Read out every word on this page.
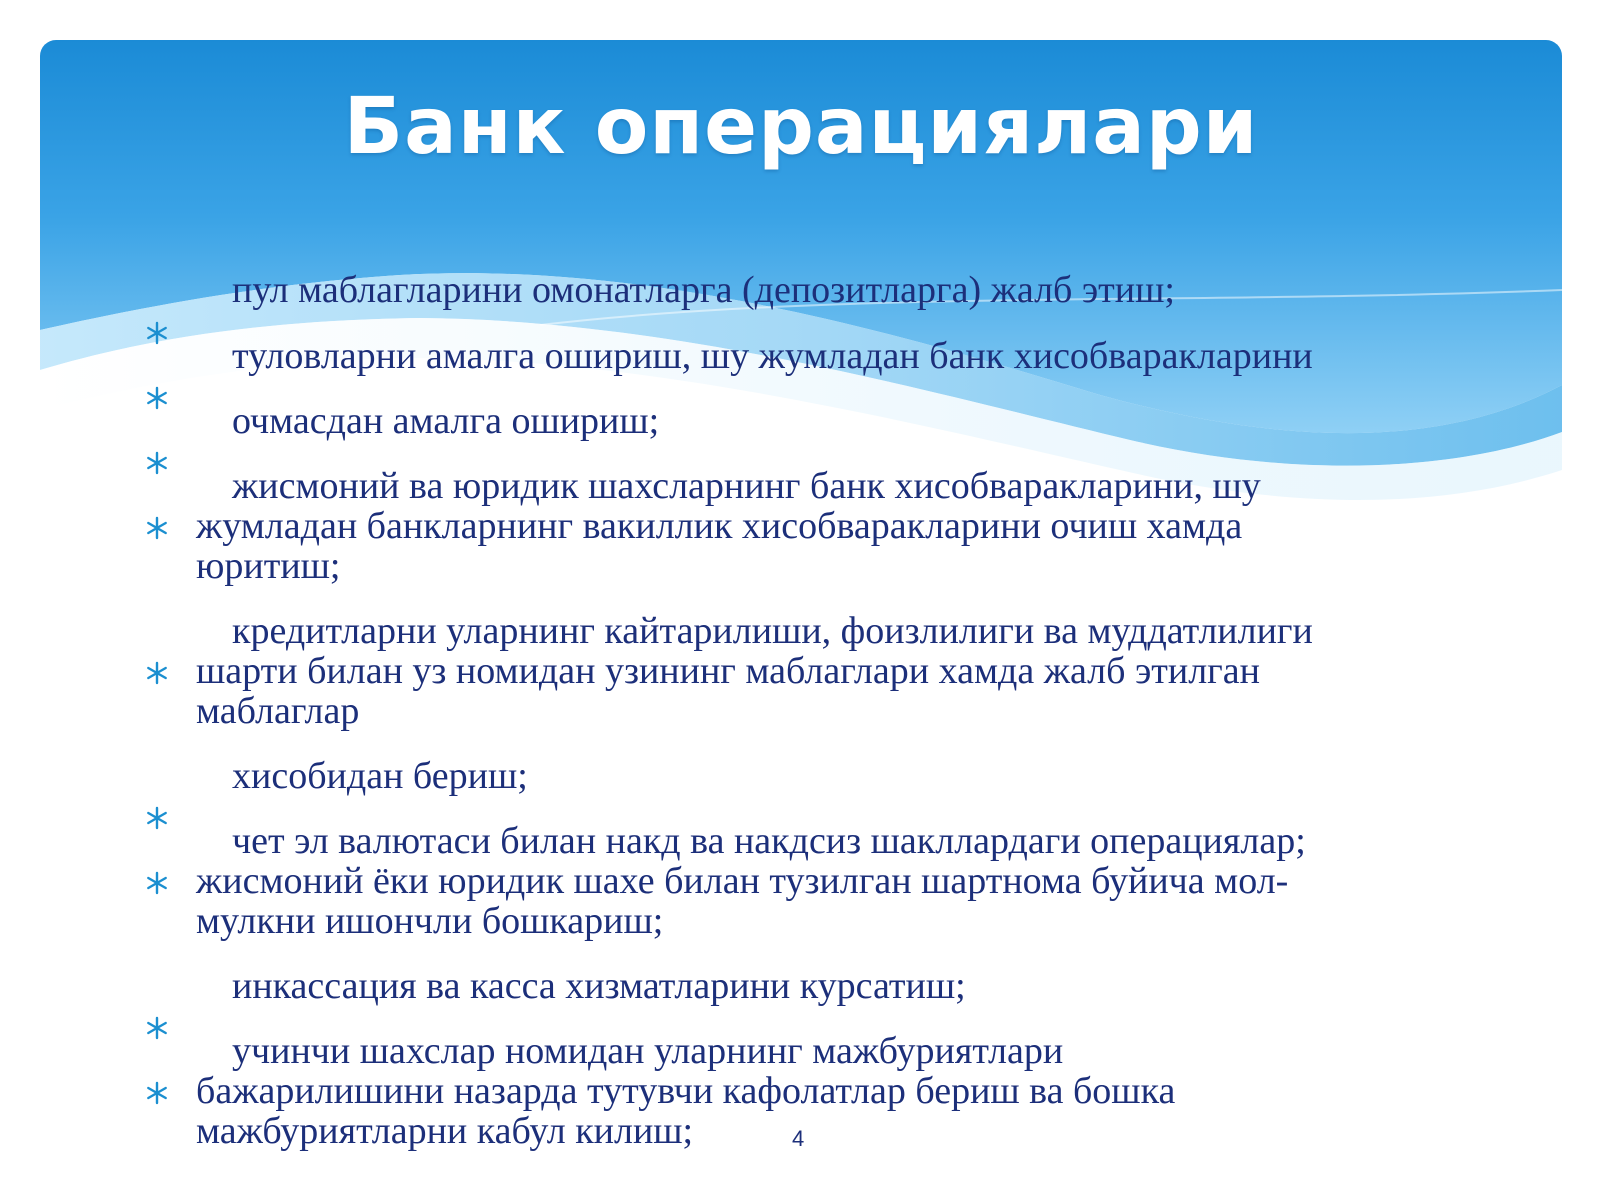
Банк операциялари
пул маблагларини омонатларга (депозитларга) жалб этиш;
туловларни амалга ошириш, шу жумладан банк хисобваракларини
очмасдан амалга ошириш;
жисмоний ва юридик шахсларнинг банк хисобваракларини, шу
жумладан банкларнинг вакиллик хисобваракларини очиш хамда
юритиш;
кредитларни уларнинг кайтарилиши, фоизлилиги ва муддатлилиги
шарти билан уз номидан узининг маблаглари хамда жалб этилган
маблаглар
хисобидан бериш;
чет эл валютаси билан накд ва накдсиз шакллардаги операциялар;
жисмоний ёки юридик шахе билан тузилган шартнома буйича мол-
мулкни ишончли бошкариш;
инкассация ва касса хизматларини курсатиш;
учинчи шахслар номидан уларнинг мажбуриятлари
бажарилишини назарда тутувчи кафолатлар бериш ва бошка
мажбуриятларни кабул килиш;	4
